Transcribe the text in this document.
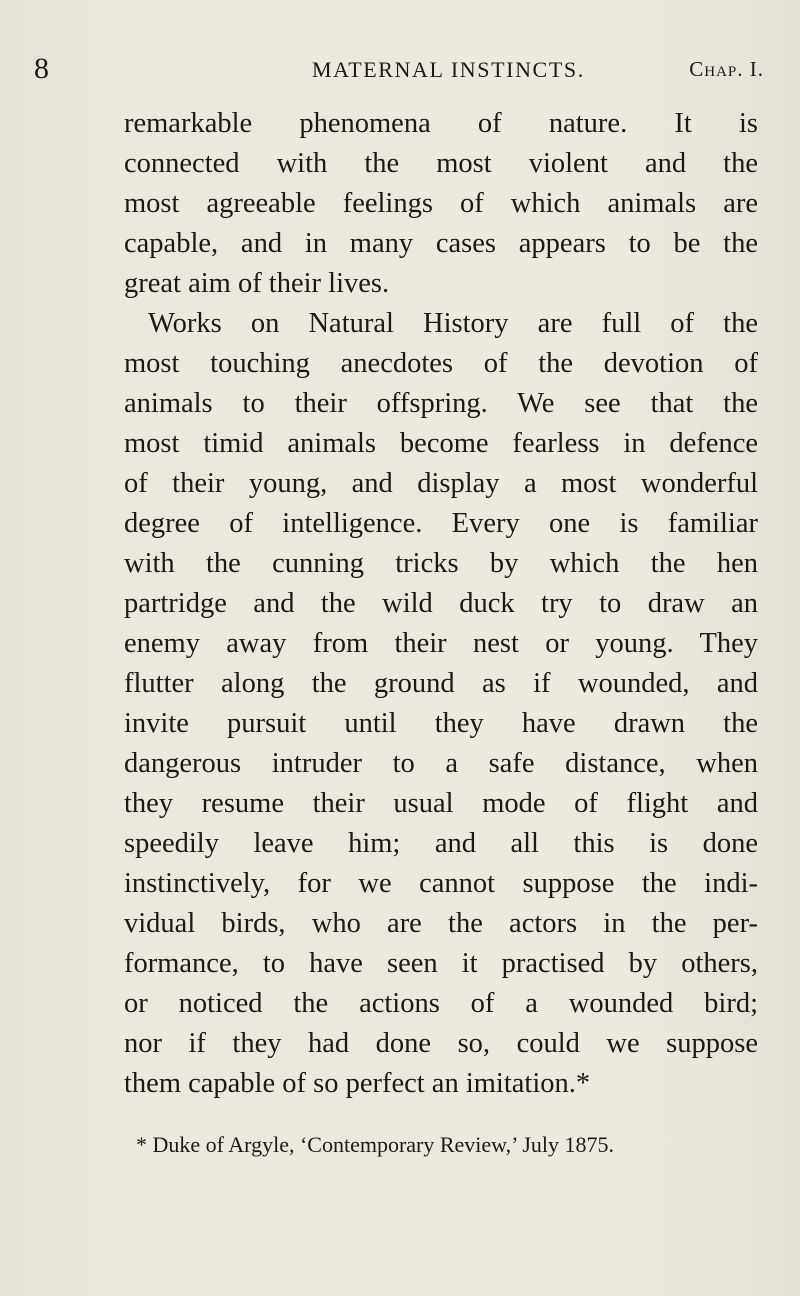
8	MATERNAL INSTINCTS.	Chap. I.
remarkable phenomena of nature. It is
connected with the most violent and the
most agreeable feelings of which animals are
capable, and in many cases appears to be the
great aim of their lives.
Works on Natural History are full of the
most touching anecdotes of the devotion of
animals to their offspring. We see that the
most timid animals become fearless in defence
of their young, and display a most wonderful
degree of intelligence. Every one is familiar
with the cunning tricks by which the hen
partridge and the wild duck try to draw an
enemy away from their nest or young. They
flutter along the ground as if wounded, and
invite pursuit until they have drawn the
dangerous intruder to a safe distance, when
they resume their usual mode of flight and
speedily leave him; and all this is done
instinctively, for we cannot suppose the indi-
vidual birds, who are the actors in the per-
formance, to have seen it practised by others,
or noticed the actions of a wounded bird;
nor if they had done so, could we suppose
them capable of so perfect an imitation.*
* Duke of Argyle, ‘Contemporary Review,’ July 1875.
